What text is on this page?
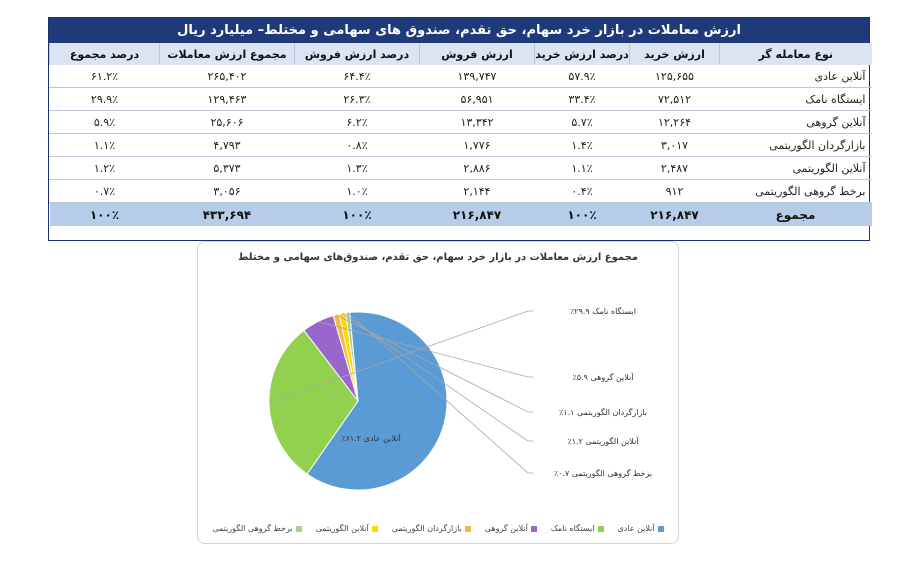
ارزش معاملات در بازار خرد سهام، حق تقدم، صندوق های سهامی و مختلط– میلیارد ریال
نوع معامله گر	ارزش خرید	درصد ارزش خرید	ارزش فروش	درصد ارزش فروش	مجموع ارزش معاملات	درصد مجموع
آنلاین عادی	۱۲۵,۶۵۵	۵۷.۹٪	۱۳۹,۷۴۷	۶۴.۴٪	۲۶۵,۴۰۲	۶۱.۲٪
ایستگاه نامک	۷۲,۵۱۲	۳۳.۴٪	۵۶,۹۵۱	۲۶.۳٪	۱۲۹,۴۶۳	۲۹.۹٪
آنلاین گروهی	۱۲,۲۶۴	۵.۷٪	۱۳,۳۴۲	۶.۲٪	۲۵,۶۰۶	۵.۹٪
بازارگردان الگوریتمی	۳,۰۱۷	۱.۴٪	۱,۷۷۶	۰.۸٪	۴,۷۹۳	۱.۱٪
آنلاین الگوریتمی	۲,۴۸۷	۱.۱٪	۲,۸۸۶	۱.۳٪	۵,۳۷۳	۱.۲٪
برخط گروهی الگوریتمی	۹۱۲	۰.۴٪	۲,۱۴۴	۱.۰٪	۳,۰۵۶	۰.۷٪
مجموع	۲۱۶,۸۴۷	۱۰۰٪	۲۱۶,۸۴۷	۱۰۰٪	۴۳۳,۶۹۴	۱۰۰٪
آنلاین عادی ۶۱.۲٪
ایستگاه نامک ۲۹.۹٪
آنلاین گروهی ۵.۹٪
بازارگردان الگوریتمی ۱.۱٪
آنلاین الگوریتمی ۱.۲٪
برخط گروهی الگوریتمی ۰.۷٪
مجموع ارزش معاملات در بازار خرد سهام، حق تقدم، صندوق‌های سهامی و مختلط
آنلاین عادی
ایستگاه نامک
آنلاین گروهی
بازارگردان الگوریتمی
آنلاین الگوریتمی
برخط گروهی الگوریتمی
